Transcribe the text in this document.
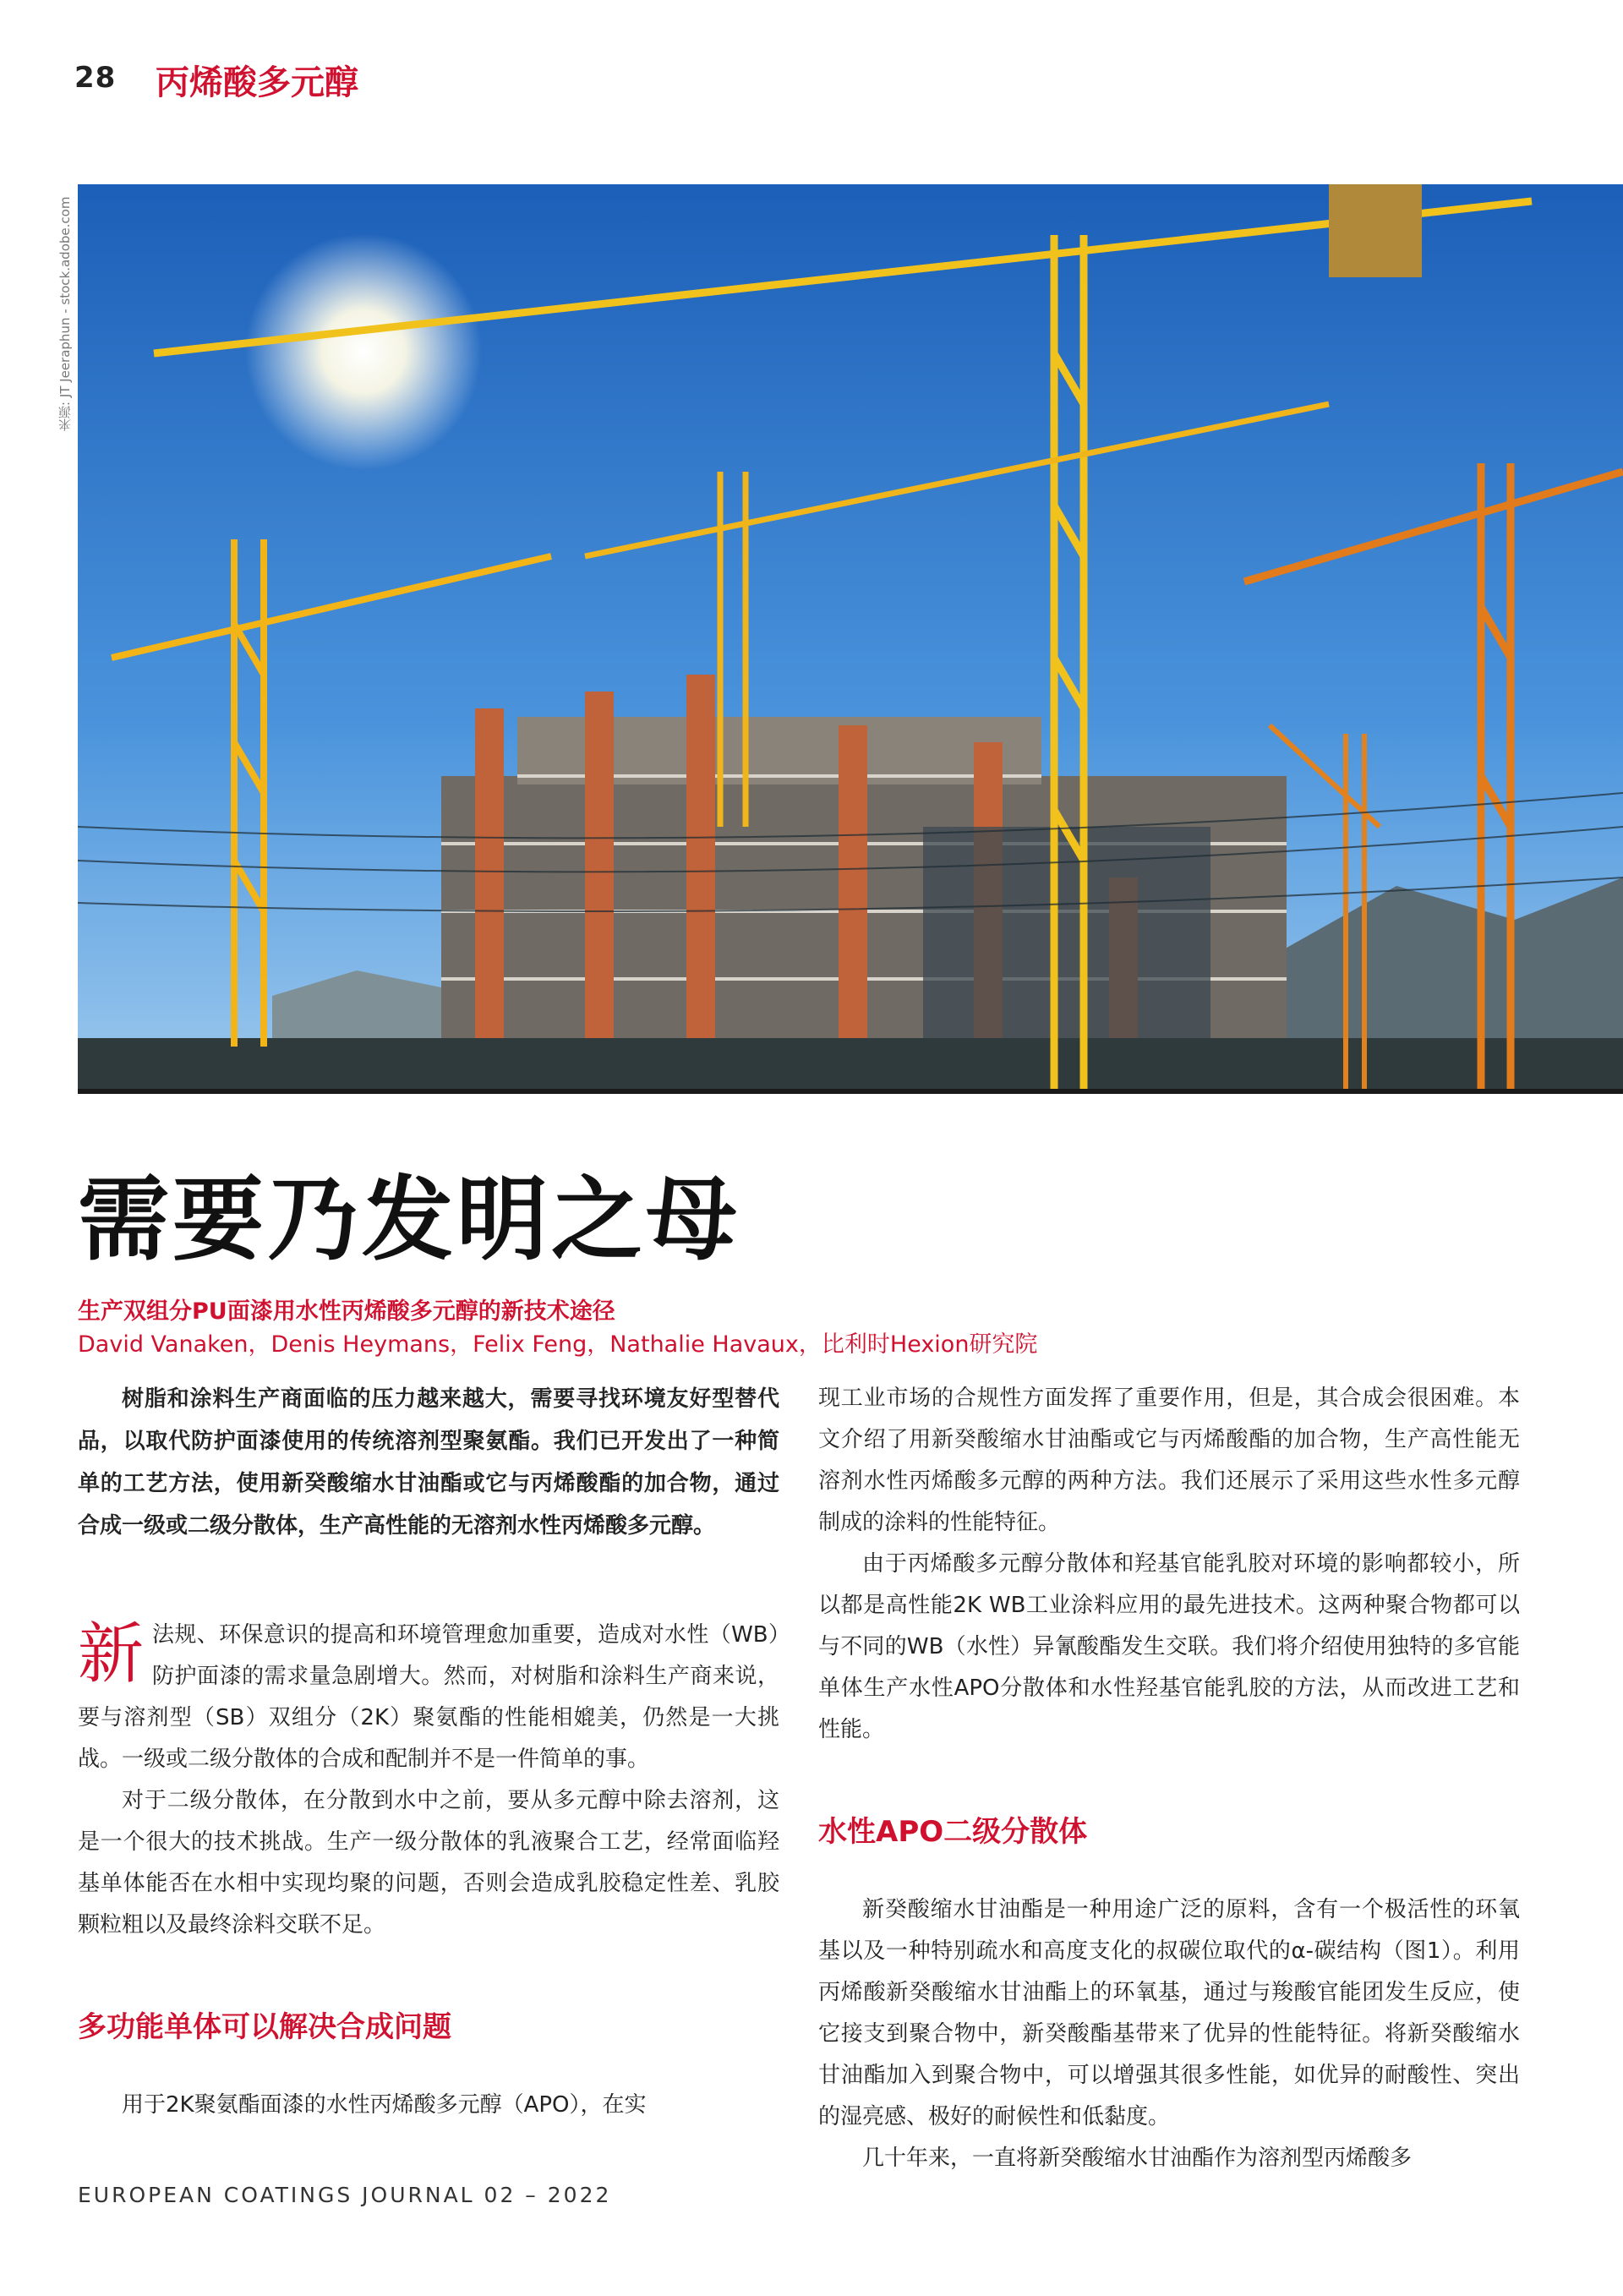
28 丙烯酸多元醇
来源: JT Jeeraphun - stock.adobe.com
需要乃发明之母
生产双组分PU面漆用水性丙烯酸多元醇的新技术途径
David Vanaken，Denis Heymans，Felix Feng，Nathalie Havaux，比利时Hexion研究院

树脂和涂料生产商面临的压力越来越大，需要寻找环境友好型替代品，以取代防护面漆使用的传统溶剂型聚氨酯。我们已开发出了一种简单的工艺方法，使用新癸酸缩水甘油酯或它与丙烯酸酯的加合物，通过合成一级或二级分散体，生产高性能的无溶剂水性丙烯酸多元醇。

新法规、环保意识的提高和环境管理愈加重要，造成对水性（WB）防护面漆的需求量急剧增大。然而，对树脂和涂料生产商来说，要与溶剂型（SB）双组分（2K）聚氨酯的性能相媲美，仍然是一大挑战。一级或二级分散体的合成和配制并不是一件简单的事。

对于二级分散体，在分散到水中之前，要从多元醇中除去溶剂，这是一个很大的技术挑战。生产一级分散体的乳液聚合工艺，经常面临羟基单体能否在水相中实现均聚的问题，否则会造成乳胶稳定性差、乳胶颗粒粗以及最终涂料交联不足。

多功能单体可以解决合成问题

用于2K聚氨酯面漆的水性丙烯酸多元醇（APO），在实

现工业市场的合规性方面发挥了重要作用，但是，其合成会很困难。本文介绍了用新癸酸缩水甘油酯或它与丙烯酸酯的加合物，生产高性能无溶剂水性丙烯酸多元醇的两种方法。我们还展示了采用这些水性多元醇制成的涂料的性能特征。

由于丙烯酸多元醇分散体和羟基官能乳胶对环境的影响都较小，所以都是高性能2K WB工业涂料应用的最先进技术。这两种聚合物都可以与不同的WB（水性）异氰酸酯发生交联。我们将介绍使用独特的多官能单体生产水性APO分散体和水性羟基官能乳胶的方法，从而改进工艺和性能。

水性APO二级分散体

新癸酸缩水甘油酯是一种用途广泛的原料，含有一个极活性的环氧基以及一种特别疏水和高度支化的叔碳位取代的α-碳结构（图1）。利用丙烯酸新癸酸缩水甘油酯上的环氧基，通过与羧酸官能团发生反应，使它接支到聚合物中，新癸酸酯基带来了优异的性能特征。将新癸酸缩水甘油酯加入到聚合物中，可以增强其很多性能，如优异的耐酸性、突出的湿亮感、极好的耐候性和低黏度。

几十年来，一直将新癸酸缩水甘油酯作为溶剂型丙烯酸多

EUROPEAN COATINGS JOURNAL 02 – 2022
